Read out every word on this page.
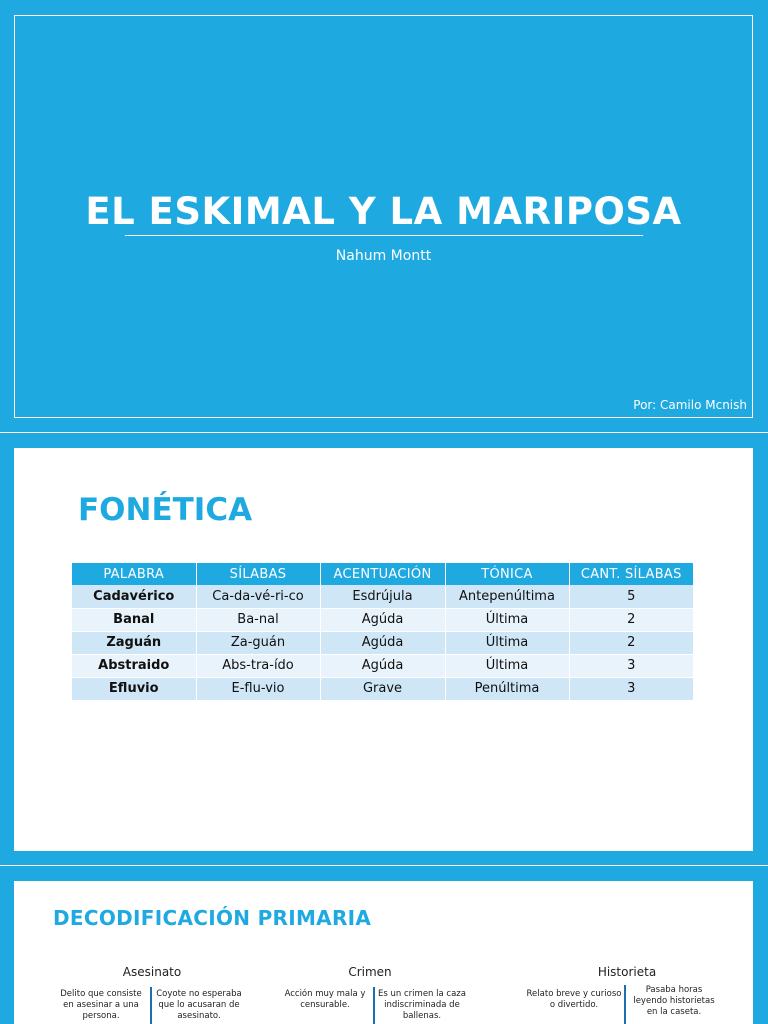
EL ESKIMAL Y LA MARIPOSA
Nahum Montt
Por: Camilo Mcnish
FONÉTICA
PALABRA	SÍLABAS	ACENTUACIÓN	TÓNICA	CANT. SÍLABAS
Cadavérico	Ca-da-vé-ri-co	Esdrújula	Antepenúltima	5
Banal	Ba-nal	Agúda	Última	2
Zaguán	Za-guán	Agúda	Última	2
Abstraido	Abs-tra-ído	Agúda	Última	3
Efluvio	E-flu-vio	Grave	Penúltima	3
DECODIFICACIÓN PRIMARIA
Asesinato
Delito que consiste en asesinar a una persona.
Coyote no esperaba que lo acusaran de asesinato.
Crimen
Acción muy mala y censurable.
Es un crimen la caza indiscriminada de ballenas.
Historieta
Relato breve y curioso o divertido.
Pasaba horas leyendo historietas en la caseta.
